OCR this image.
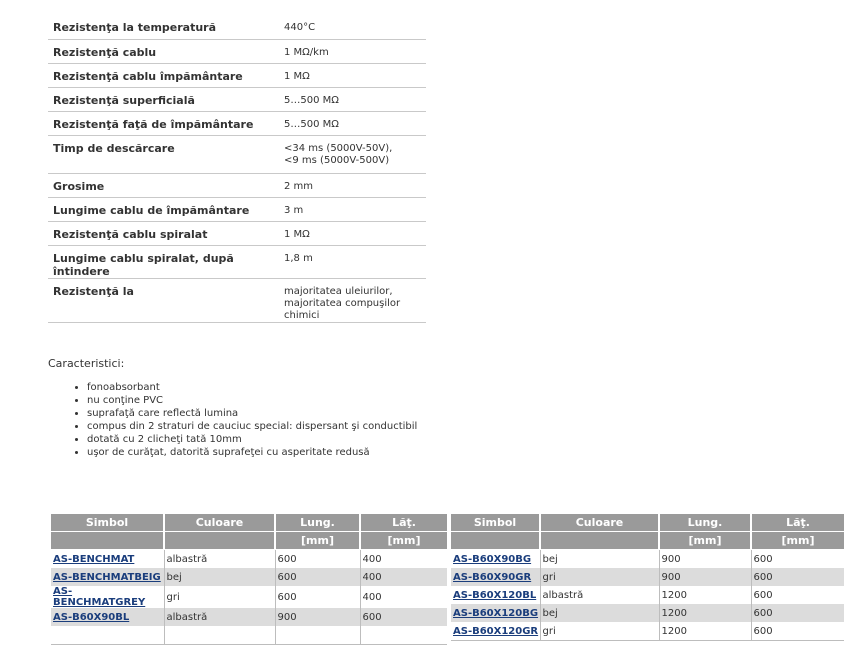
Rezistenţa la temperatură	440°C
Rezistenţă cablu	1 MΩ/km
Rezistenţă cablu împământare	1 MΩ
Rezistenţă superficială	5…500 MΩ
Rezistenţă faţă de împământare	5…500 MΩ
Timp de descărcare	<34 ms (5000V-50V),
<9 ms (5000V-500V)

Grosime	2 mm
Lungime cablu de împământare	3 m
Rezistenţă cablu spiralat	1 MΩ
Lungime cablu spiralat, după întindere	1,8 m
Rezistenţă la	majoritatea uleiurilor,
majoritatea compuşilor chimici
Caracteristici:
• fonoabsorbant
• nu conţine PVC
• suprafaţă care reflectă lumina
• compus din 2 straturi de cauciuc special: dispersant şi conductibil
• dotată cu 2 clicheţi tată 10mm
• uşor de curăţat, datorită suprafeţei cu asperitate redusă
Simbol	Culoare	Lung.	Lăţ.
		[mm]	[mm]
AS-BENCHMAT	albastră	600	400
AS-BENCHMATBEIG	bej	600	400
AS-BENCHMATGREY	gri	600	400
AS-B60X90BL	albastră	900	600

Simbol	Culoare	Lung.	Lăţ.
		[mm]	[mm]
AS-B60X90BG	bej	900	600
AS-B60X90GR	gri	900	600
AS-B60X120BL	albastră	1200	600
AS-B60X120BG	bej	1200	600
AS-B60X120GR	gri	1200	600
